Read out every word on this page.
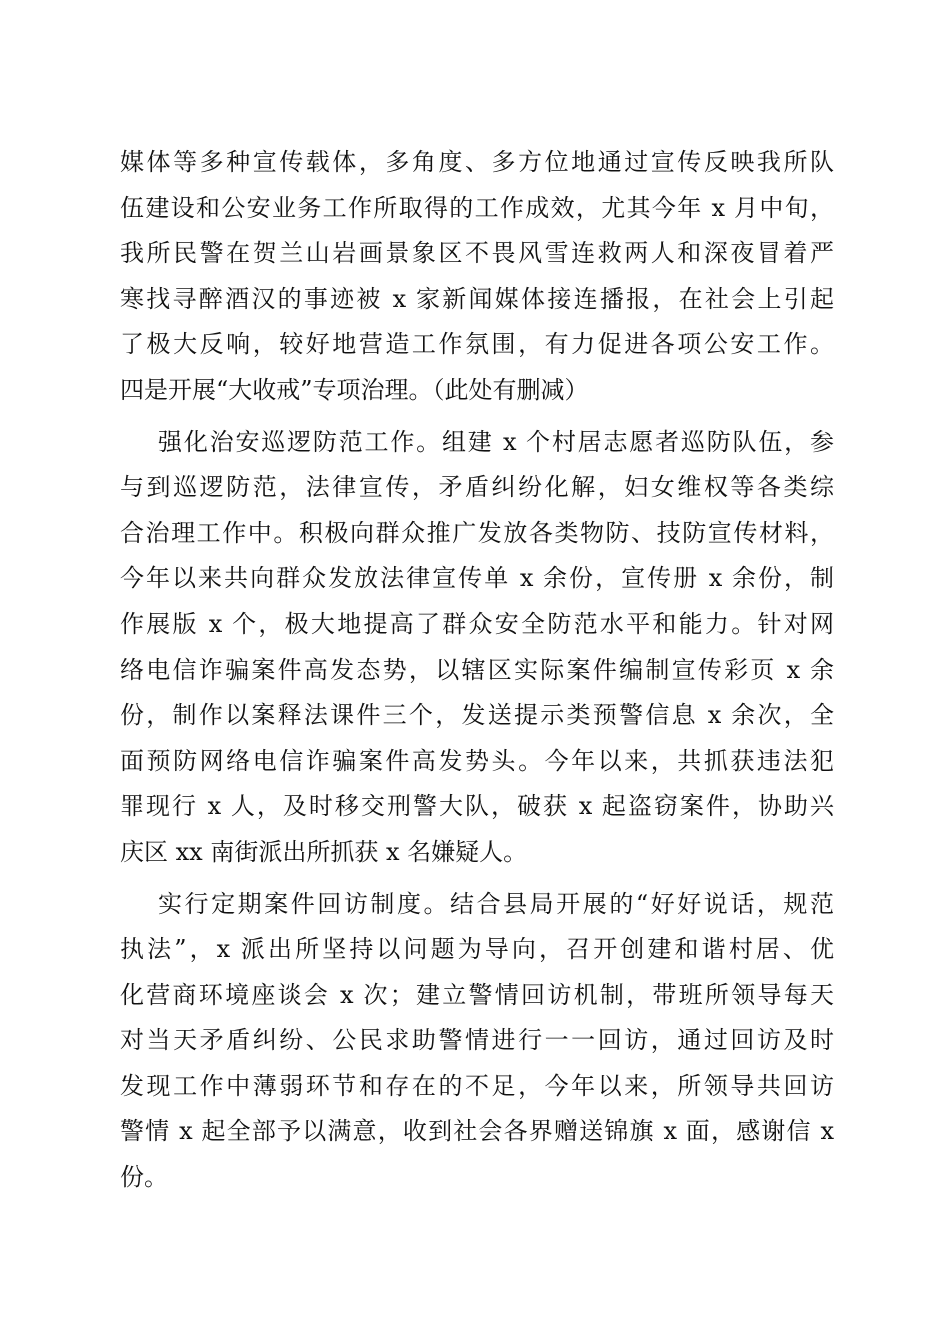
媒体等多种宣传载体，多角度、多方位地通过宣传反映我所队
伍建设和公安业务工作所取得的工作成效，尤其今年 x 月中旬，
我所民警在贺兰山岩画景象区不畏风雪连救两人和深夜冒着严
寒找寻醉酒汉的事迹被 x 家新闻媒体接连播报，在社会上引起
了极大反响，较好地营造工作氛围，有力促进各项公安工作。
四是开展“大收戒”专项治理。（此处有删减）
强化治安巡逻防范工作。组建 x 个村居志愿者巡防队伍，参
与到巡逻防范，法律宣传，矛盾纠纷化解，妇女维权等各类综
合治理工作中。积极向群众推广发放各类物防、技防宣传材料，
今年以来共向群众发放法律宣传单 x 余份，宣传册 x 余份，制
作展版 x 个，极大地提高了群众安全防范水平和能力。针对网
络电信诈骗案件高发态势，以辖区实际案件编制宣传彩页 x 余
份，制作以案释法课件三个，发送提示类预警信息 x 余次，全
面预防网络电信诈骗案件高发势头。今年以来，共抓获违法犯
罪现行 x 人，及时移交刑警大队，破获 x 起盗窃案件，协助兴
庆区 xx 南街派出所抓获 x 名嫌疑人。
实行定期案件回访制度。结合县局开展的“好好说话，规范
执法”，x 派出所坚持以问题为导向，召开创建和谐村居、优
化营商环境座谈会 x 次；建立警情回访机制，带班所领导每天
对当天矛盾纠纷、公民求助警情进行一一回访，通过回访及时
发现工作中薄弱环节和存在的不足，今年以来，所领导共回访
警情 x 起全部予以满意，收到社会各界赠送锦旗 x 面，感谢信 x
份。
